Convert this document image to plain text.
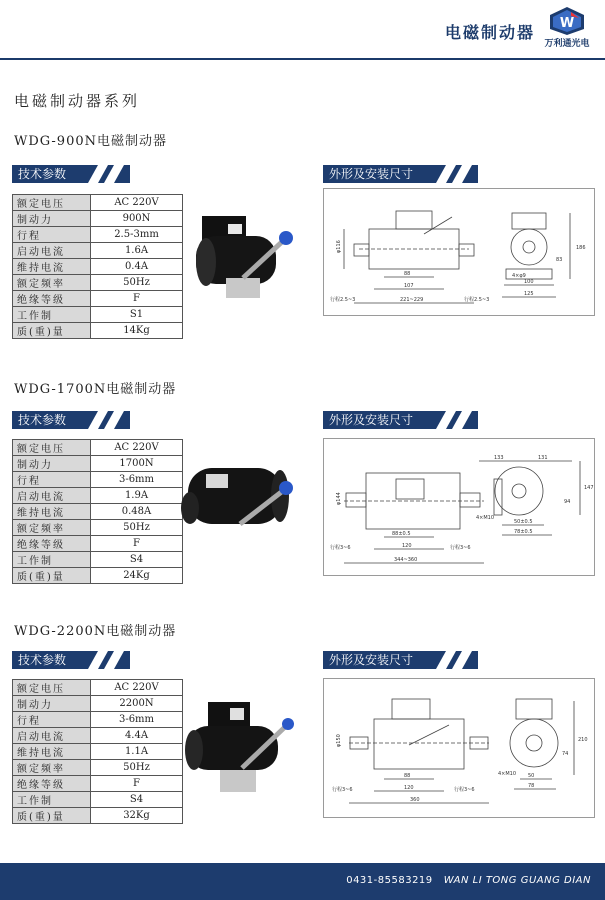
电磁制动器 W
万利通光电
电磁制动器系列
WDG-900N电磁制动器
技术参数	外形及安装尺寸
额定电压	AC 220V
制动力	900N
行程	2.5-3mm
启动电流	1.6A
维持电流	0.4A
额定频率	50Hz
绝缘等级	F
工作制	S1
质(重)量	14Kg
φ116
88
107
221~229
行程2.5~3	行程2.5~3
4×φ9
100
125
186
83
WDG-1700N电磁制动器
技术参数	外形及安装尺寸
额定电压	AC 220V
制动力	1700N
行程	3-6mm
启动电流	1.9A
维持电流	0.48A
额定频率	50Hz
绝缘等级	F
工作制	S4
质(重)量	24Kg
φ144
88±0.5
120
344~360
行程3~6	行程3~6
4×M10
50±0.5
78±0.5
133	131
147
94
WDG-2200N电磁制动器
技术参数	外形及安装尺寸
额定电压	AC 220V
制动力	2200N
行程	3-6mm
启动电流	4.4A
维持电流	1.1A
额定频率	50Hz
绝缘等级	F
工作制	S4
质(重)量	32Kg
φ150
88
120
360
行程3~6	行程3~6
4×M10 50
78
210
74
0431-85583219 WAN LI TONG GUANG DIAN
